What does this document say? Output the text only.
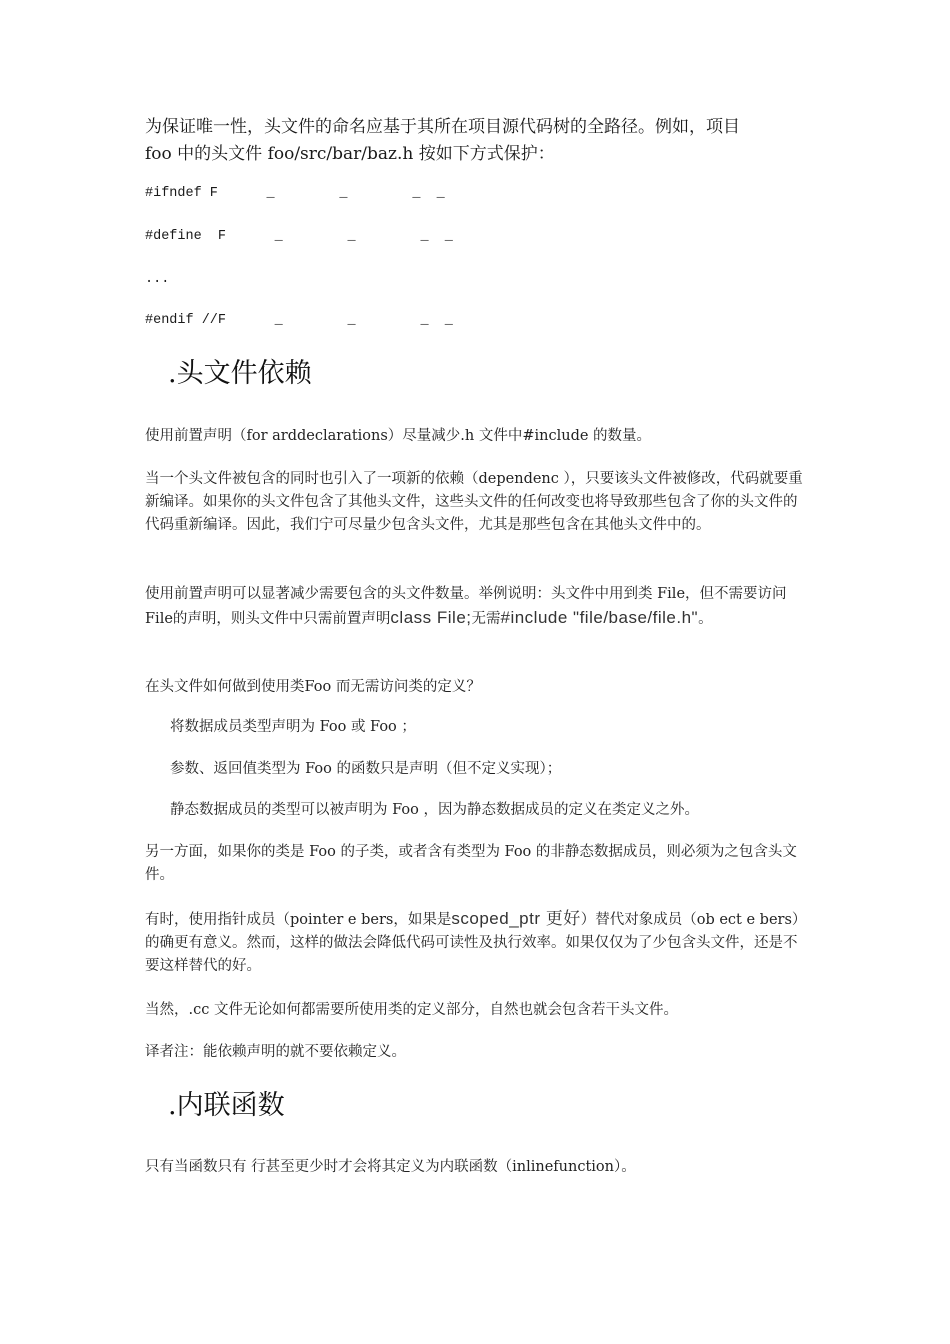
为保证唯一性，头文件的命名应基于其所在项目源代码树的全路径。例如，项目
foo 中的头文件 foo/src/bar/baz.h 按如下方式保护：

#ifndef F      _        _        _  _
#define  F      _        _        _  _
...
#endif //F      _        _        _  _
.头文件依赖

使用前置声明（for arddeclarations）尽量减少.h 文件中#include 的数量。

当一个头文件被包含的同时也引入了一项新的依赖（dependenc ），只要该头文件被修改，代码就要重新编译。如果你的头文件包含了其他头文件，这些头文件的任何改变也将导致那些包含了你的头文件的代码重新编译。因此，我们宁可尽量少包含头文件，尤其是那些包含在其他头文件中的。

使用前置声明可以显著减少需要包含的头文件数量。举例说明：头文件中用到类 File，但不需要访问 File的声明，则头文件中只需前置声明class File;无需#include "file/base/file.h"。

在头文件如何做到使用类Foo 而无需访问类的定义？

将数据成员类型声明为 Foo 或 Foo ；

参数、返回值类型为 Foo 的函数只是声明（但不定义实现）；

静态数据成员的类型可以被声明为 Foo ，因为静态数据成员的定义在类定义之外。

另一方面，如果你的类是 Foo 的子类，或者含有类型为 Foo 的非静态数据成员，则必须为之包含头文件。

有时，使用指针成员（pointer e bers，如果是scoped_ptr 更好）替代对象成员（ob ect e bers）的确更有意义。然而，这样的做法会降低代码可读性及执行效率。如果仅仅为了少包含头文件，还是不要这样替代的好。

当然，.cc 文件无论如何都需要所使用类的定义部分，自然也就会包含若干头文件。

译者注：能依赖声明的就不要依赖定义。

.内联函数

只有当函数只有 行甚至更少时才会将其定义为内联函数（inlinefunction）。
